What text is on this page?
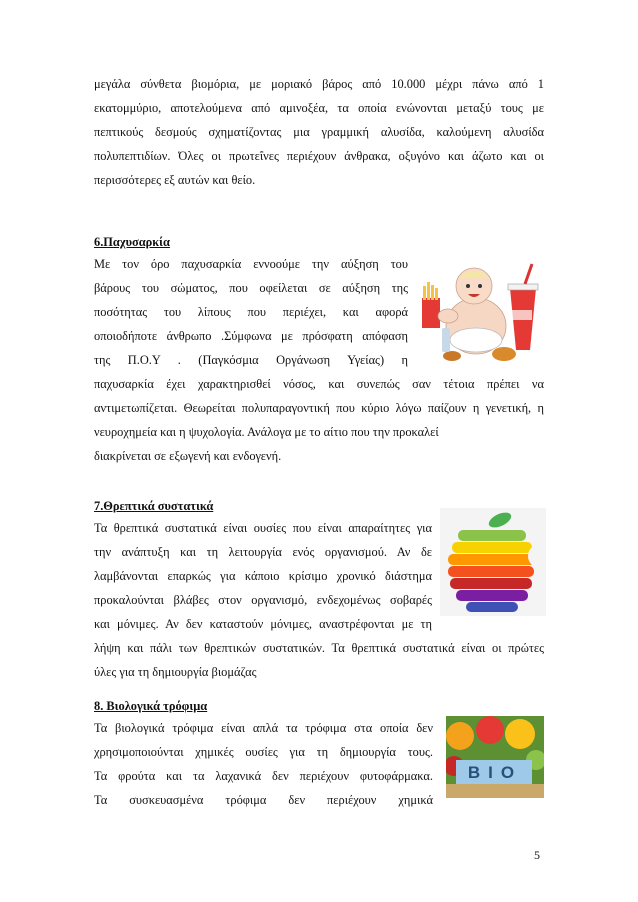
μεγάλα σύνθετα βιομόρια, με μοριακό βάρος από 10.000 μέχρι πάνω από 1

εκατομμύριο, αποτελούμενα από αμινοξέα, τα οποία ενώνονται μεταξύ τους με

πεπτικούς δεσμούς σχηματίζοντας μια γραμμική αλυσίδα, καλούμενη αλυσίδα

πολυπεπτιδίων. Όλες οι πρωτεΐνες περιέχουν άνθρακα, οξυγόνο και άζωτο και οι

περισσότερες εξ αυτών και θείο.

6.Παχυσαρκία

Με τον όρο παχυσαρκία εννοούμε την αύξηση του

βάρους του σώματος, που οφείλεται σε αύξηση της

ποσότητας του λίπους που περιέχει, και αφορά

οποιοδήποτε άνθρωπο .Σύμφωνα με πρόσφατη απόφαση

της Π.Ο.Υ . (Παγκόσμια Οργάνωση Υγείας) η

παχυσαρκία έχει χαρακτηρισθεί νόσος, και συνεπώς σαν τέτοια πρέπει να

αντιμετωπίζεται. Θεωρείται πολυπαραγοντική που κύριο λόγω παίζουν η γενετική, η

νευροχημεία και η ψυχολογία. Ανάλογα με το αίτιο που την προκαλεί

διακρίνεται σε εξωγενή και ενδογενή.

7.Θρεπτικά συστατικά

Τα θρεπτικά συστατικά είναι ουσίες που είναι απαραίτητες για

την ανάπτυξη και τη λειτουργία ενός οργανισμού. Αν δε

λαμβάνονται επαρκώς για κάποιο κρίσιμο χρονικό διάστημα

προκαλούνται βλάβες στον οργανισμό, ενδεχομένως σοβαρές

και μόνιμες. Αν δεν καταστούν μόνιμες, αναστρέφονται με τη

λήψη και πάλι των θρεπτικών συστατικών. Τα θρεπτικά συστατικά είναι οι πρώτες

ύλες για τη δημιουργία βιομάζας

8. Βιολογικά τρόφιμα

Τα βιολογικά τρόφιμα είναι απλά τα τρόφιμα στα οποία δεν

χρησιμοποιούνται χημικές ουσίες για τη δημιουργία τους.

Τα φρούτα και τα λαχανικά δεν περιέχουν φυτοφάρμακα.

Τα συσκευασμένα τρόφιμα δεν περιέχουν χημικά

BIO
5
